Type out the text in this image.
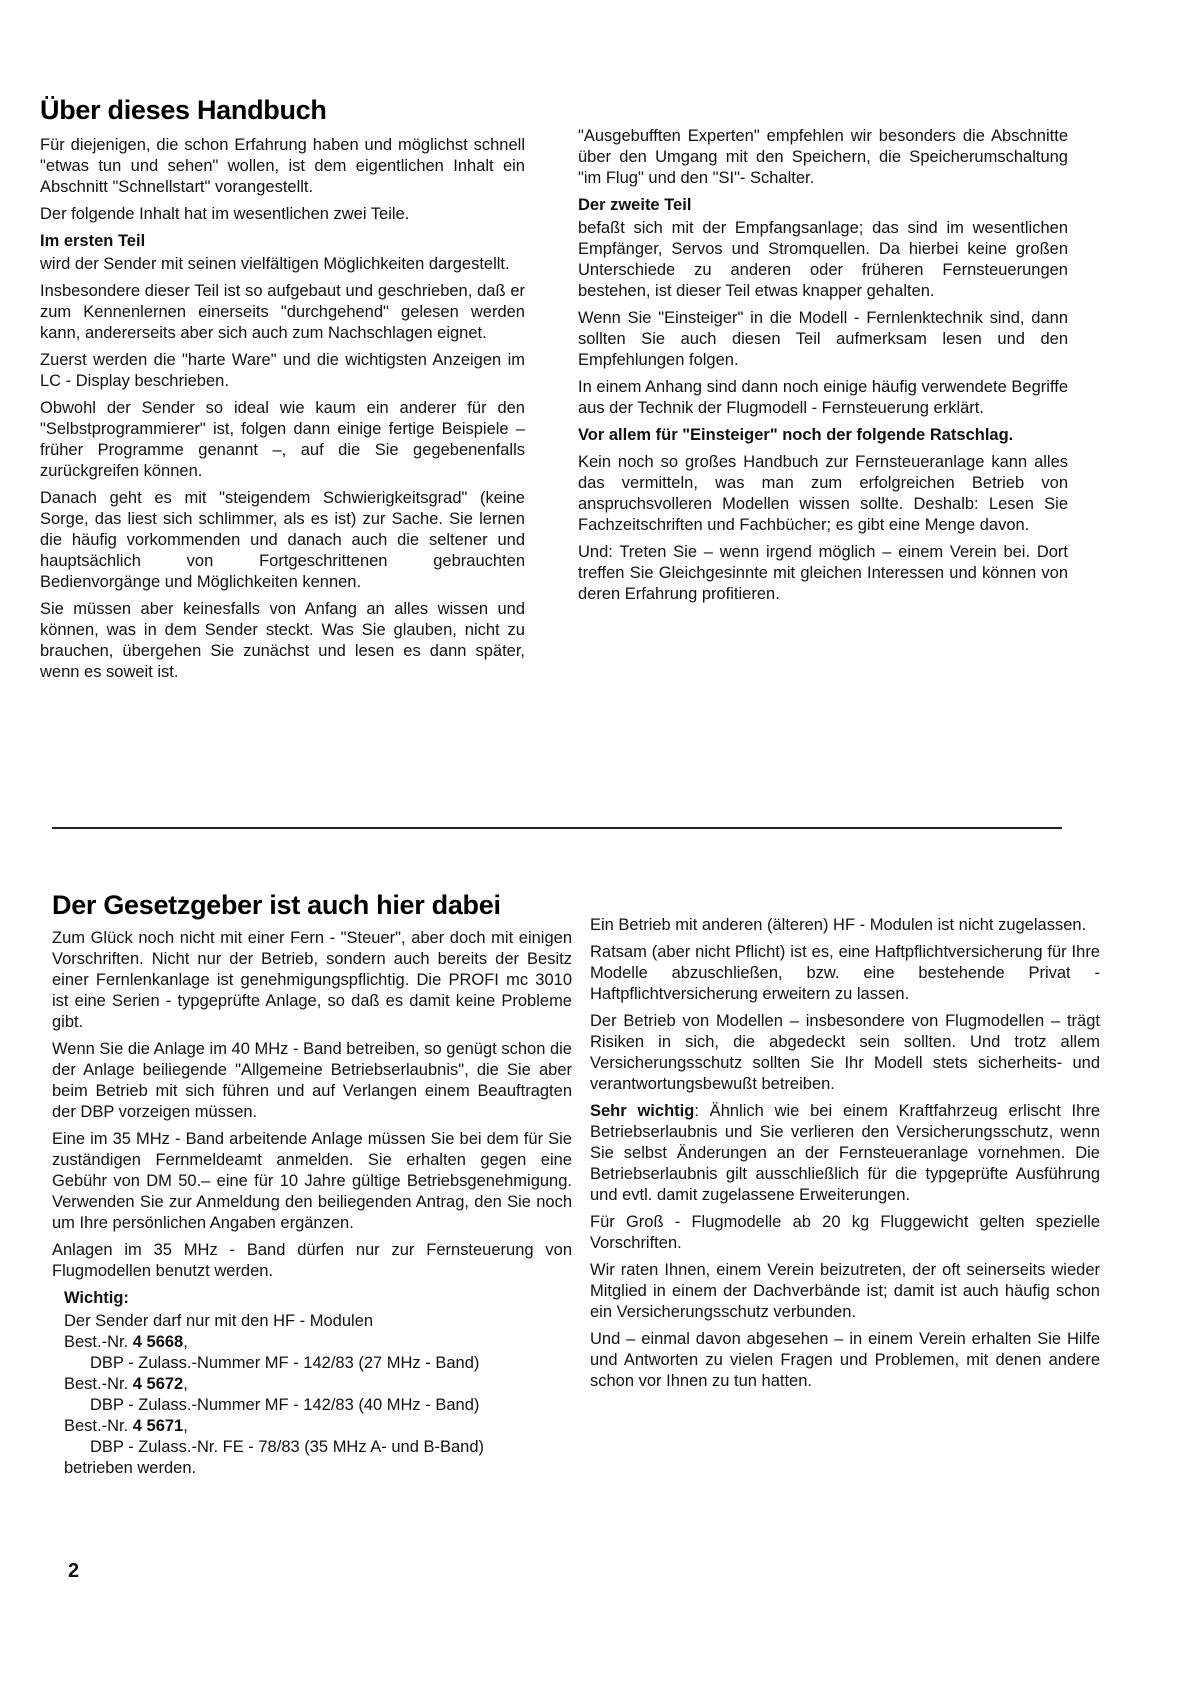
Über dieses Handbuch

Für diejenigen, die schon Erfahrung haben und möglichst schnell "etwas tun und sehen" wollen, ist dem eigentlichen Inhalt ein Abschnitt "Schnellstart" vorangestellt.

Der folgende Inhalt hat im wesentlichen zwei Teile.

Im ersten Teil

wird der Sender mit seinen vielfältigen Möglichkeiten dargestellt.

Insbesondere dieser Teil ist so aufgebaut und geschrieben, daß er zum Kennenlernen einerseits "durchgehend" gelesen werden kann, andererseits aber sich auch zum Nachschlagen eignet.

Zuerst werden die "harte Ware" und die wichtigsten Anzeigen im LC - Display beschrieben.

Obwohl der Sender so ideal wie kaum ein anderer für den "Selbstprogrammierer" ist, folgen dann einige fertige Beispiele – früher Programme genannt –, auf die Sie gegebenenfalls zurückgreifen können.

Danach geht es mit "steigendem Schwierigkeitsgrad" (keine Sorge, das liest sich schlimmer, als es ist) zur Sache. Sie lernen die häufig vorkommenden und danach auch die seltener und hauptsächlich von Fortgeschrittenen gebrauchten Bedienvorgänge und Möglichkeiten kennen.

Sie müssen aber keinesfalls von Anfang an alles wissen und können, was in dem Sender steckt. Was Sie glauben, nicht zu brauchen, übergehen Sie zunächst und lesen es dann später, wenn es soweit ist.

"Ausgebufften Experten" empfehlen wir besonders die Abschnitte über den Umgang mit den Speichern, die Speicherumschaltung "im Flug" und den "SI"- Schalter.

Der zweite Teil

befaßt sich mit der Empfangsanlage; das sind im wesentlichen Empfänger, Servos und Stromquellen. Da hierbei keine großen Unterschiede zu anderen oder früheren Fernsteuerungen bestehen, ist dieser Teil etwas knapper gehalten.

Wenn Sie "Einsteiger" in die Modell - Fernlenktechnik sind, dann sollten Sie auch diesen Teil aufmerksam lesen und den Empfehlungen folgen.

In einem Anhang sind dann noch einige häufig verwendete Begriffe aus der Technik der Flugmodell - Fernsteuerung erklärt.

Vor allem für "Einsteiger" noch der folgende Ratschlag.

Kein noch so großes Handbuch zur Fernsteueranlage kann alles das vermitteln, was man zum erfolgreichen Betrieb von anspruchsvolleren Modellen wissen sollte. Deshalb: Lesen Sie Fachzeitschriften und Fachbücher; es gibt eine Menge davon.

Und: Treten Sie – wenn irgend möglich – einem Verein bei. Dort treffen Sie Gleichgesinnte mit gleichen Interessen und können von deren Erfahrung profitieren.

Der Gesetzgeber ist auch hier dabei

Zum Glück noch nicht mit einer Fern - "Steuer", aber doch mit einigen Vorschriften. Nicht nur der Betrieb, sondern auch bereits der Besitz einer Fernlenkanlage ist genehmigungspflichtig. Die PROFI mc 3010 ist eine Serien - typgeprüfte Anlage, so daß es damit keine Probleme gibt.

Wenn Sie die Anlage im 40 MHz - Band betreiben, so genügt schon die der Anlage beiliegende "Allgemeine Betriebserlaubnis", die Sie aber beim Betrieb mit sich führen und auf Verlangen einem Beauftragten der DBP vorzeigen müssen.

Eine im 35 MHz - Band arbeitende Anlage müssen Sie bei dem für Sie zuständigen Fernmeldeamt anmelden. Sie erhalten gegen eine Gebühr von DM 50.– eine für 10 Jahre gültige Betriebsgenehmigung. Verwenden Sie zur Anmeldung den beiliegenden Antrag, den Sie noch um Ihre persönlichen Angaben ergänzen.

Anlagen im 35 MHz - Band dürfen nur zur Fernsteuerung von Flugmodellen benutzt werden.

Wichtig:
Der Sender darf nur mit den HF - Modulen
Best.-Nr. 4 5668,
DBP - Zulass.-Nummer MF - 142/83 (27 MHz - Band)
Best.-Nr. 4 5672,
DBP - Zulass.-Nummer MF - 142/83 (40 MHz - Band)
Best.-Nr. 4 5671,
DBP - Zulass.-Nr. FE - 78/83 (35 MHz A- und B-Band)
betrieben werden.

Ein Betrieb mit anderen (älteren) HF - Modulen ist nicht zugelassen.

Ratsam (aber nicht Pflicht) ist es, eine Haftpflichtversicherung für Ihre Modelle abzuschließen, bzw. eine bestehende Privat - Haftpflichtversicherung erweitern zu lassen.

Der Betrieb von Modellen – insbesondere von Flugmodellen – trägt Risiken in sich, die abgedeckt sein sollten. Und trotz allem Versicherungsschutz sollten Sie Ihr Modell stets sicherheits- und verantwortungsbewußt betreiben.

Sehr wichtig: Ähnlich wie bei einem Kraftfahrzeug erlischt Ihre Betriebserlaubnis und Sie verlieren den Versicherungsschutz, wenn Sie selbst Änderungen an der Fernsteueranlage vornehmen. Die Betriebserlaubnis gilt ausschließlich für die typgeprüfte Ausführung und evtl. damit zugelassene Erweiterungen.

Für Groß - Flugmodelle ab 20 kg Fluggewicht gelten spezielle Vorschriften.

Wir raten Ihnen, einem Verein beizutreten, der oft seinerseits wieder Mitglied in einem der Dachverbände ist; damit ist auch häufig schon ein Versicherungsschutz verbunden.

Und – einmal davon abgesehen – in einem Verein erhalten Sie Hilfe und Antworten zu vielen Fragen und Problemen, mit denen andere schon vor Ihnen zu tun hatten.

2
